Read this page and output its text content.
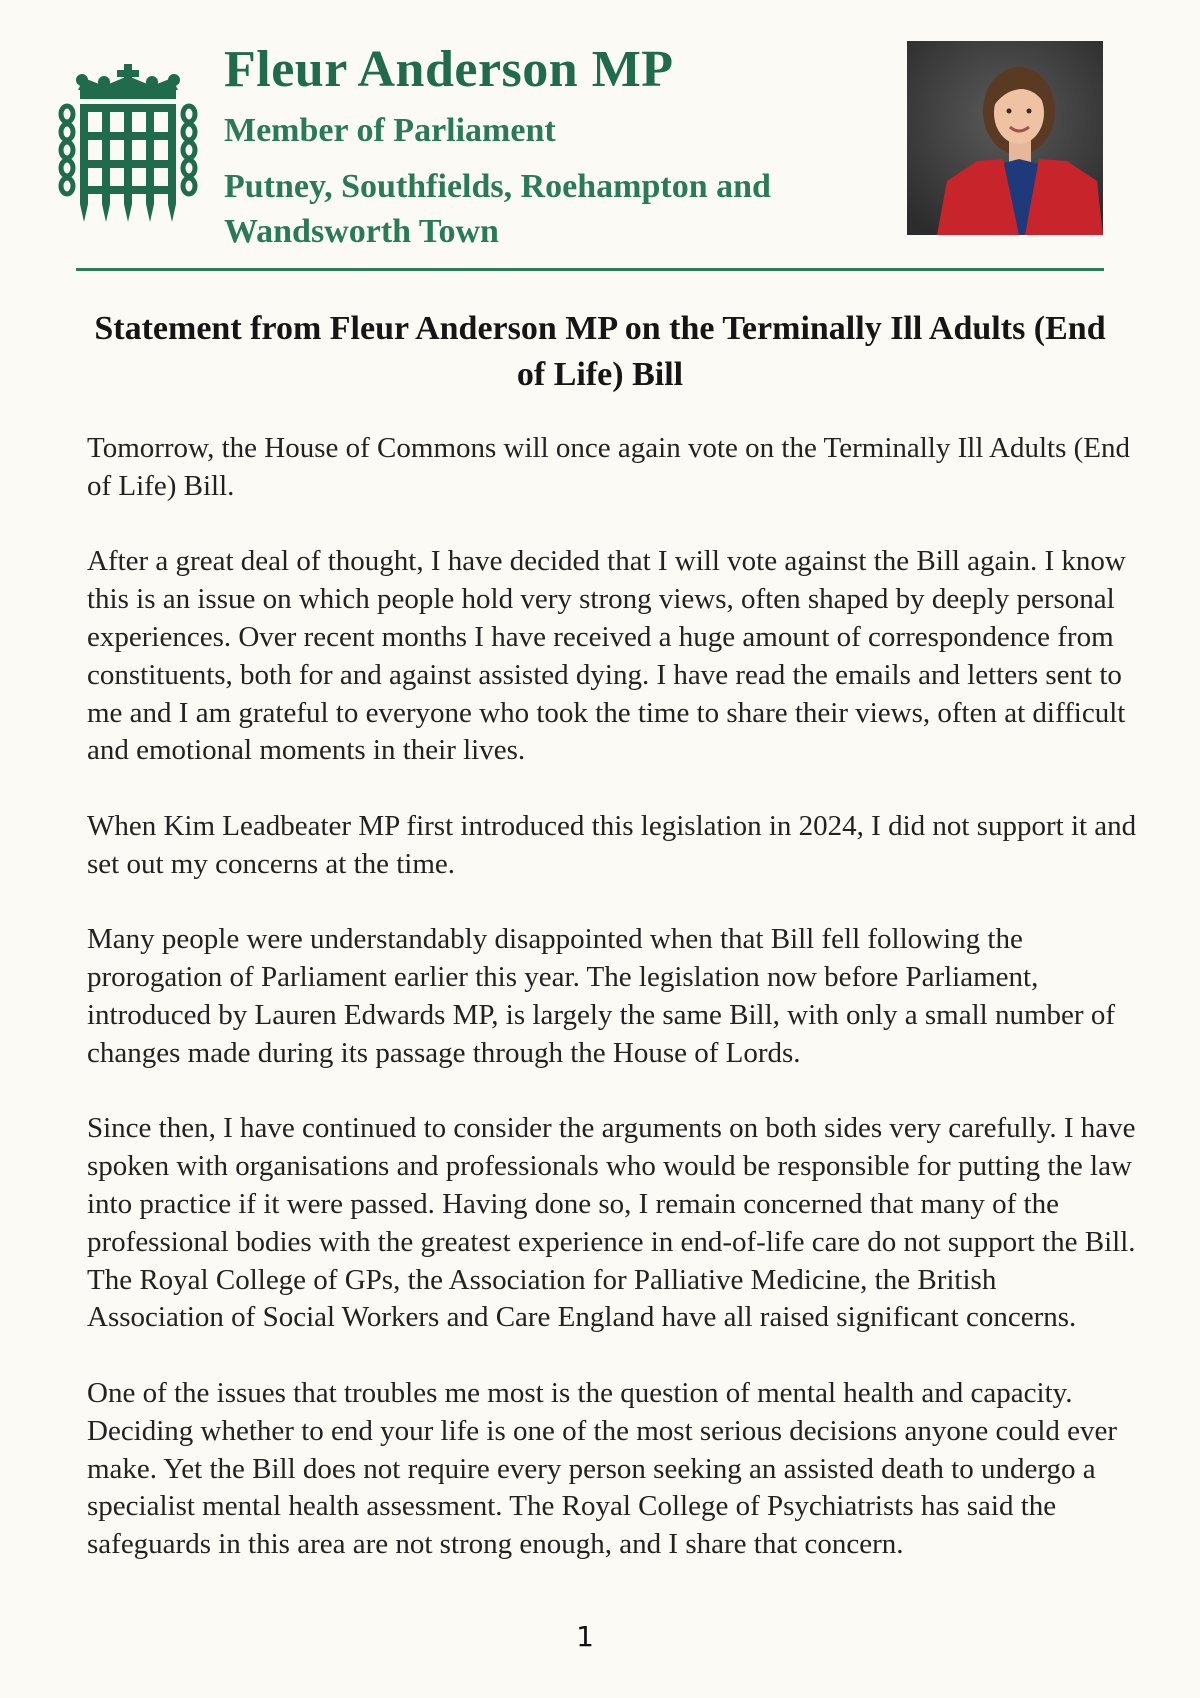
Fleur Anderson MP
Member of Parliament
Putney, Southfields, Roehampton and Wandsworth Town
Statement from Fleur Anderson MP on the Terminally Ill Adults (End of Life) Bill

Tomorrow, the House of Commons will once again vote on the Terminally Ill Adults (End of Life) Bill.

After a great deal of thought, I have decided that I will vote against the Bill again. I know this is an issue on which people hold very strong views, often shaped by deeply personal experiences. Over recent months I have received a huge amount of correspondence from constituents, both for and against assisted dying. I have read the emails and letters sent to me and I am grateful to everyone who took the time to share their views, often at difficult and emotional moments in their lives.

When Kim Leadbeater MP first introduced this legislation in 2024, I did not support it and set out my concerns at the time.

Many people were understandably disappointed when that Bill fell following the prorogation of Parliament earlier this year. The legislation now before Parliament, introduced by Lauren Edwards MP, is largely the same Bill, with only a small number of changes made during its passage through the House of Lords.

Since then, I have continued to consider the arguments on both sides very carefully. I have spoken with organisations and professionals who would be responsible for putting the law into practice if it were passed. Having done so, I remain concerned that many of the professional bodies with the greatest experience in end-of-life care do not support the Bill. The Royal College of GPs, the Association for Palliative Medicine, the British Association of Social Workers and Care England have all raised significant concerns.

One of the issues that troubles me most is the question of mental health and capacity. Deciding whether to end your life is one of the most serious decisions anyone could ever make. Yet the Bill does not require every person seeking an assisted death to undergo a specialist mental health assessment. The Royal College of Psychiatrists has said the safeguards in this area are not strong enough, and I share that concern.

1
